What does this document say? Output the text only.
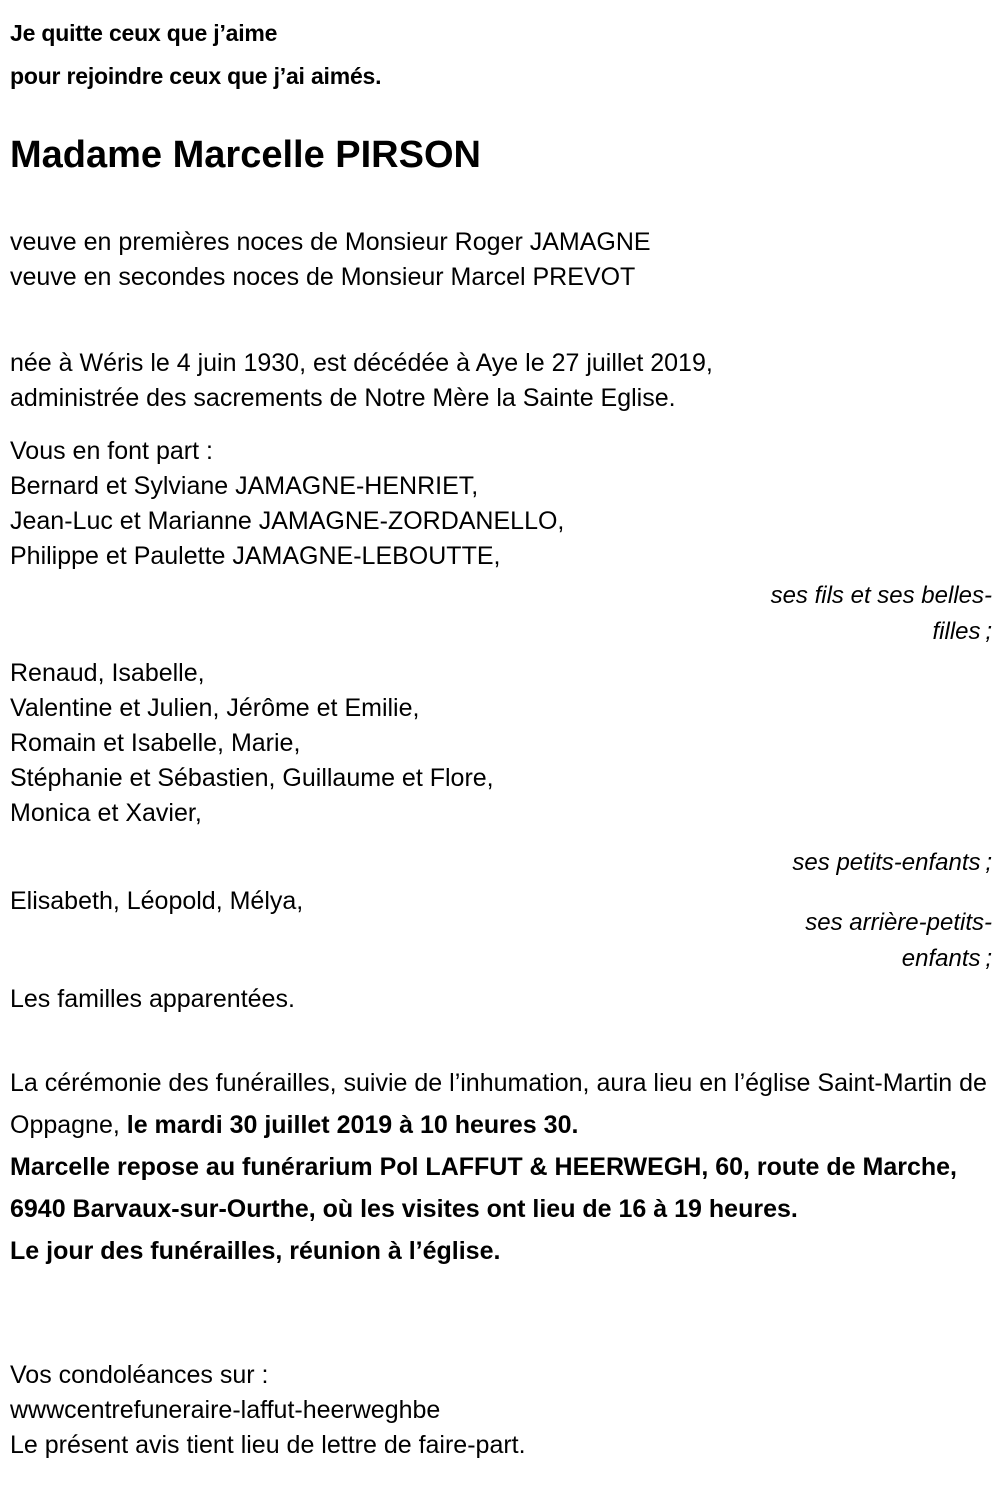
Je quitte ceux que j’aime
pour rejoindre ceux que j’ai aimés.
Madame Marcelle PIRSON
veuve en premières noces de Monsieur Roger JAMAGNE
veuve en secondes noces de Monsieur Marcel PREVOT
née à Wéris le 4 juin 1930, est décédée à Aye le 27 juillet 2019,
administrée des sacrements de Notre Mère la Sainte Eglise.
Vous en font part :
Bernard et Sylviane JAMAGNE-HENRIET,
Jean-Luc et Marianne JAMAGNE-ZORDANELLO,
Philippe et Paulette JAMAGNE-LEBOUTTE,
ses fils et ses belles-
filles ;
Renaud, Isabelle,
Valentine et Julien, Jérôme et Emilie,
Romain et Isabelle, Marie,
Stéphanie et Sébastien, Guillaume et Flore,
Monica et Xavier,
ses petits-enfants ;
Elisabeth, Léopold, Mélya,
ses arrière-petits-
enfants ;
Les familles apparentées.
La cérémonie des funérailles, suivie de l’inhumation, aura lieu en l’église Saint-Martin de Oppagne, le mardi 30 juillet 2019 à 10 heures 30.
Marcelle repose au funérarium Pol LAFFUT & HEERWEGH, 60, route de Marche, 6940 Barvaux-sur-Ourthe, où les visites ont lieu de 16 à 19 heures.
Le jour des funérailles, réunion à l’église.
Vos condoléances sur :
wwwcentrefuneraire-laffut-heerweghbe
Le présent avis tient lieu de lettre de faire-part.
